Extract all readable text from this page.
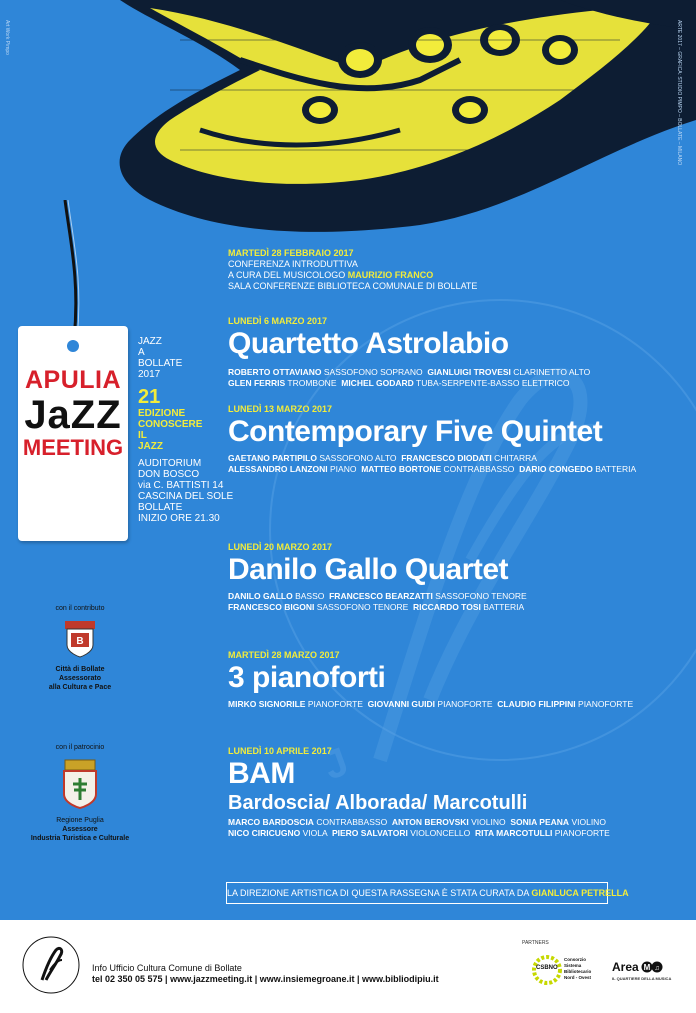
Art Work Pimpo	ARTE 2017 – GRAFICA: STUDIO PIMPO – BOLLATE – MILANO
J
APULIA
JaZZ
MEETING
JAZZ
A
BOLLATE
2017
21
EDIZIONE
CONOSCERE
IL
JAZZ
AUDITORIUM
DON BOSCO
via C. BATTISTI 14
CASCINA DEL SOLE
BOLLATE
INIZIO ORE 21.30
con il contributo
B
Città di Bollate
Assessorato
alla Cultura e Pace
con il patrocinio
Regione Puglia
Assessore
Industria Turistica e Culturale
MARTEDÌ 28 FEBBRAIO 2017
CONFERENZA INTRODUTTIVA
A CURA DEL MUSICOLOGO MAURIZIO FRANCO
SALA CONFERENZE BIBLIOTECA COMUNALE DI BOLLATE
LUNEDÌ 6 MARZO 2017
Quartetto Astrolabio
ROBERTO OTTAVIANO SASSOFONO SOPRANO GIANLUIGI TROVESI CLARINETTO ALTO
GLEN FERRIS TROMBONE MICHEL GODARD TUBA-SERPENTE-BASSO ELETTRICO
LUNEDÌ 13 MARZO 2017
Contemporary Five Quintet
GAETANO PARTIPILO SASSOFONO ALTO FRANCESCO DIODATI CHITARRA
ALESSANDRO LANZONI PIANO MATTEO BORTONE CONTRABBASSO DARIO CONGEDO BATTERIA
LUNEDÌ 20 MARZO 2017
Danilo Gallo Quartet
DANILO GALLO BASSO FRANCESCO BEARZATTI SASSOFONO TENORE
FRANCESCO BIGONI SASSOFONO TENORE RICCARDO TOSI BATTERIA
MARTEDÌ 28 MARZO 2017
3 pianoforti
MIRKO SIGNORILE PIANOFORTE GIOVANNI GUIDI PIANOFORTE CLAUDIO FILIPPINI PIANOFORTE
LUNEDÌ 10 APRILE 2017
BAM
Bardoscia/ Alborada/ Marcotulli
MARCO BARDOSCIA CONTRABBASSO ANTON BEROVSKI VIOLINO SONIA PEANA VIOLINO
NICO CIRICUGNO VIOLA PIERO SALVATORI VIOLONCELLO RITA MARCOTULLI PIANOFORTE
LA DIREZIONE ARTISTICA DI QUESTA RASSEGNA È STATA CURATA DA GIANLUCA PETRELLA
Info Ufficio Cultura Comune di Bollate
tel 02 350 05 575 | www.jazzmeeting.it | www.insiemegroane.it | www.bibliodipiu.it
PARTNERS
CSBNO
Consorzio Sistema Bibliotecario Nord - Ovest
Area M ♫
IL QUARTIERE DELLA MUSICA
